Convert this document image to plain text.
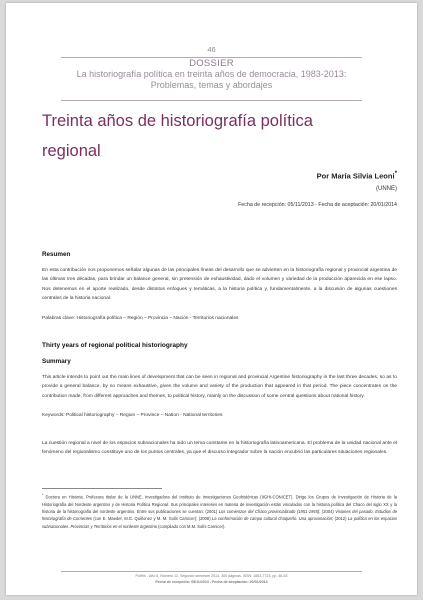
46
DOSSIER
La historiografía política en treinta años de democracia, 1983-2013:
Problemas, temas y abordajes
Treinta años de historiografía política
regional
Por María Silvia Leoni*
(UNNE)
Fecha de recepción: 05/11/2013 - Fecha de aceptación: 20/01/2014
Resumen

En esta contribución nos proponemos señalar algunas de las principales líneas del desarrollo que se advierten en la historiografía regional y provincial argentina de las últimas tres décadas, para brindar un balance general, sin pretensión de exhaustividad, dado el volumen y variedad de la producción aparecida en ese lapso. Nos detenemos en el aporte realizado, desde distintos enfoques y temáticas, a la historia política y, fundamentalmente, a la discusión de algunas cuestiones centrales de la historia nacional.

Palabras clave: Historiografía política – Región – Provincia – Nación - Territorios nacionales

Thirty years of regional political historiography
Summary

This article intends to point out the main lines of development that can be seen in regional and provincial Argentine historiography in the last three decades, so as to provide a general balance, by no means exhaustive, given the volume and variety of the production that appeared in that period. The piece concentrates on the contribution made, from different approaches and themes, to political history, mainly on the discussion of some central questions about national history.

Keywords: Political historiography – Region – Province – Nation - National territories

La cuestión regional a nivel de los espacios subnacionales ha sido un tema constante en la historiografía latinoamericana. El problema de la unidad nacional ante el fenómeno del regionalismo constituye uno de los puntos centrales, ya que el discurso integrador sobre la nación encubrió las particulares situaciones regionales.

* Doctora en Historia. Profesora titular de la UNNE. Investigadora del Instituto de Investigaciones Geohistóricas (IIGHI-CONICET). Dirige los Grupos de Investigación de Historia de la Historiografía del Nordeste argentino y de Historia Política Regional. Sus principales intereses en materia de investigación están vinculados con la historia política del Chaco del siglo XX y la historia de la historiografía del nordeste argentino. Entre sus publicaciones se cuentan: (2001) Los comienzos del Chaco provincializado (1951-1955); (2004) Visiones del pasado. Estudios de historiografía de Corrientes (con E. Maeder, M.G. Quiñonez y M. M. Solís Carnicer); (2008) La conformación de campo cultural chaqueño. Una aproximación; (2012) La política en los espacios subnacionales. Provincias y Territorios en el nordeste argentino (compilado con M.M. Solís Carnicer).

PolHis - Año 6, Número 12, Segundo semestre 2013. 305 páginas. ISSN: 1853-7723, pp. 46-53
Fecha de recepción: 05/11/2013 - Fecha de aceptación: 20/01/2014
